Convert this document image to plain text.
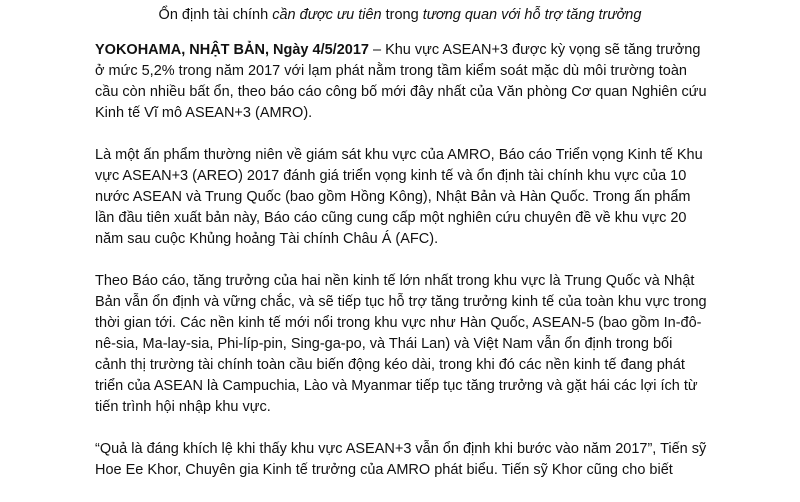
Ổn định tài chính cần được ưu tiên trong tương quan với hỗ trợ tăng trưởng
YOKOHAMA, NHẬT BẢN, Ngày 4/5/2017 – Khu vực ASEAN+3 được kỳ vọng sẽ tăng trưởng
ở mức 5,2% trong năm 2017 với lạm phát nằm trong tầm kiểm soát mặc dù môi trường toàn
cầu còn nhiều bất ổn, theo báo cáo công bố mới đây nhất của Văn phòng Cơ quan Nghiên cứu
Kinh tế Vĩ mô ASEAN+3 (AMRO).
Là một ấn phẩm thường niên về giám sát khu vực của AMRO, Báo cáo Triển vọng Kinh tế Khu
vực ASEAN+3 (AREO) 2017 đánh giá triển vọng kinh tế và ổn định tài chính khu vực của 10
nước ASEAN và Trung Quốc (bao gồm Hồng Kông), Nhật Bản và Hàn Quốc. Trong ấn phẩm
lần đầu tiên xuất bản này, Báo cáo cũng cung cấp một nghiên cứu chuyên đề về khu vực 20
năm sau cuộc Khủng hoảng Tài chính Châu Á (AFC).
Theo Báo cáo, tăng trưởng của hai nền kinh tế lớn nhất trong khu vực là Trung Quốc và Nhật
Bản vẫn ổn định và vững chắc, và sẽ tiếp tục hỗ trợ tăng trưởng kinh tế của toàn khu vực trong
thời gian tới. Các nền kinh tế mới nổi trong khu vực như Hàn Quốc, ASEAN-5 (bao gồm In-đô-
nê-sia, Ma-lay-sia, Phi-líp-pin, Sing-ga-po, và Thái Lan) và Việt Nam vẫn ổn định trong bối
cảnh thị trường tài chính toàn cầu biến động kéo dài, trong khi đó các nền kinh tế đang phát
triển của ASEAN là Campuchia, Lào và Myanmar tiếp tục tăng trưởng và gặt hái các lợi ích từ
tiến trình hội nhập khu vực.
“Quả là đáng khích lệ khi thấy khu vực ASEAN+3 vẫn ổn định khi bước vào năm 2017”, Tiến sỹ
Hoe Ee Khor, Chuyên gia Kinh tế trưởng của AMRO phát biểu. Tiến sỹ Khor cũng cho biết
